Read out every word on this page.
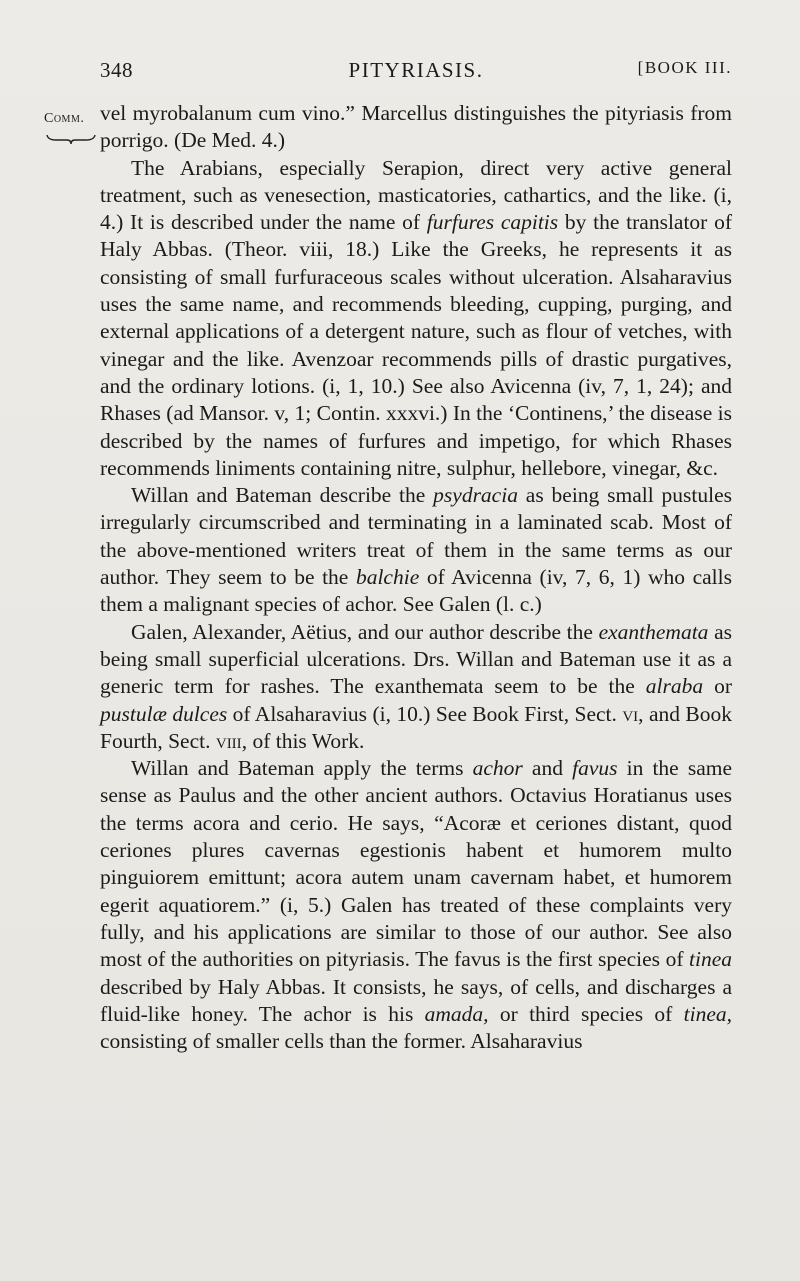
348	PITYRIASIS.	[BOOK III.
Comm. vel myrobalanum cum vino.” Marcellus distinguishes the pityriasis from porrigo. (De Med. 4.)

The Arabians, especially Serapion, direct very active general treatment, such as venesection, masticatories, cathartics, and the like. (i, 4.) It is described under the name of furfures capitis by the translator of Haly Abbas. (Theor. viii, 18.) Like the Greeks, he represents it as consisting of small furfuraceous scales without ulceration. Alsaharavius uses the same name, and recommends bleeding, cupping, purging, and external applications of a detergent nature, such as flour of vetches, with vinegar and the like. Avenzoar recommends pills of drastic purgatives, and the ordinary lotions. (i, 1, 10.) See also Avicenna (iv, 7, 1, 24); and Rhases (ad Mansor. v, 1; Contin. xxxvi.) In the ‘Continens,’ the disease is described by the names of furfures and impetigo, for which Rhases recommends liniments containing nitre, sulphur, hellebore, vinegar, &c.

Willan and Bateman describe the psydracia as being small pustules irregularly circumscribed and terminating in a laminated scab. Most of the above-mentioned writers treat of them in the same terms as our author. They seem to be the balchie of Avicenna (iv, 7, 6, 1) who calls them a malignant species of achor. See Galen (l. c.)

Galen, Alexander, Aëtius, and our author describe the exanthemata as being small superficial ulcerations. Drs. Willan and Bateman use it as a generic term for rashes. The exanthemata seem to be the alraba or pustulæ dulces of Alsaharavius (i, 10.) See Book First, Sect. vi, and Book Fourth, Sect. viii, of this Work.

Willan and Bateman apply the terms achor and favus in the same sense as Paulus and the other ancient authors. Octavius Horatianus uses the terms acora and cerio. He says, “Acoræ et ceriones distant, quod ceriones plures cavernas egestionis habent et humorem multo pinguiorem emittunt; acora autem unam cavernam habet, et humorem egerit aquatiorem.” (i, 5.) Galen has treated of these complaints very fully, and his applications are similar to those of our author. See also most of the authorities on pityriasis. The favus is the first species of tinea described by Haly Abbas. It consists, he says, of cells, and discharges a fluid-like honey. The achor is his amada, or third species of tinea, consisting of smaller cells than the former. Alsaharavius
